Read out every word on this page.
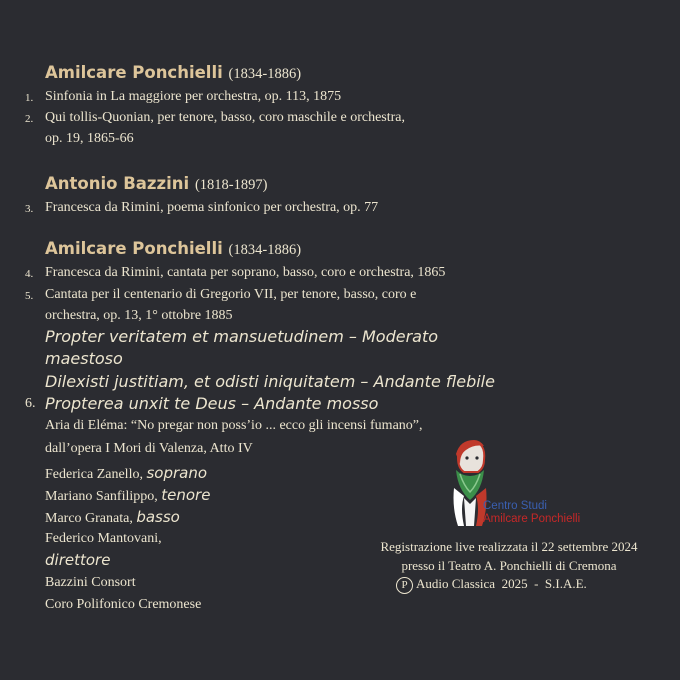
Amilcare Ponchielli (1834-1886)
1. Sinfonia in La maggiore per orchestra, op. 113, 1875
2. Qui tollis-Quonian, per tenore, basso, coro maschile e orchestra,
op. 19, 1865-66
Antonio Bazzini (1818-1897)
3. Francesca da Rimini, poema sinfonico per orchestra, op. 77
Amilcare Ponchielli (1834-1886)
4. Francesca da Rimini, cantata per soprano, basso, coro e orchestra, 1865
5. Cantata per il centenario di Gregorio VII, per tenore, basso, coro e
orchestra, op. 13, 1° ottobre 1885
Propter veritatem et mansuetudinem – Moderato
maestoso
Dilexisti justitiam, et odisti iniquitatem – Andante flebile
6. Propterea unxit te Deus – Andante mosso
Aria di Eléma: “No pregar non poss’io ... ecco gli incensi fumano”,
dall’opera I Mori di Valenza, Atto IV
Federica Zanello, soprano
Mariano Sanfilippo, tenore
Marco Granata, basso
Federico Mantovani,
direttore
Bazzini Consort
Coro Polifonico Cremonese
Centro Studi
Amilcare Ponchielli
Registrazione live realizzata il 22 settembre 2024
presso il Teatro A. Ponchielli di Cremona
P Audio Classica  2025  -  S.I.A.E.
